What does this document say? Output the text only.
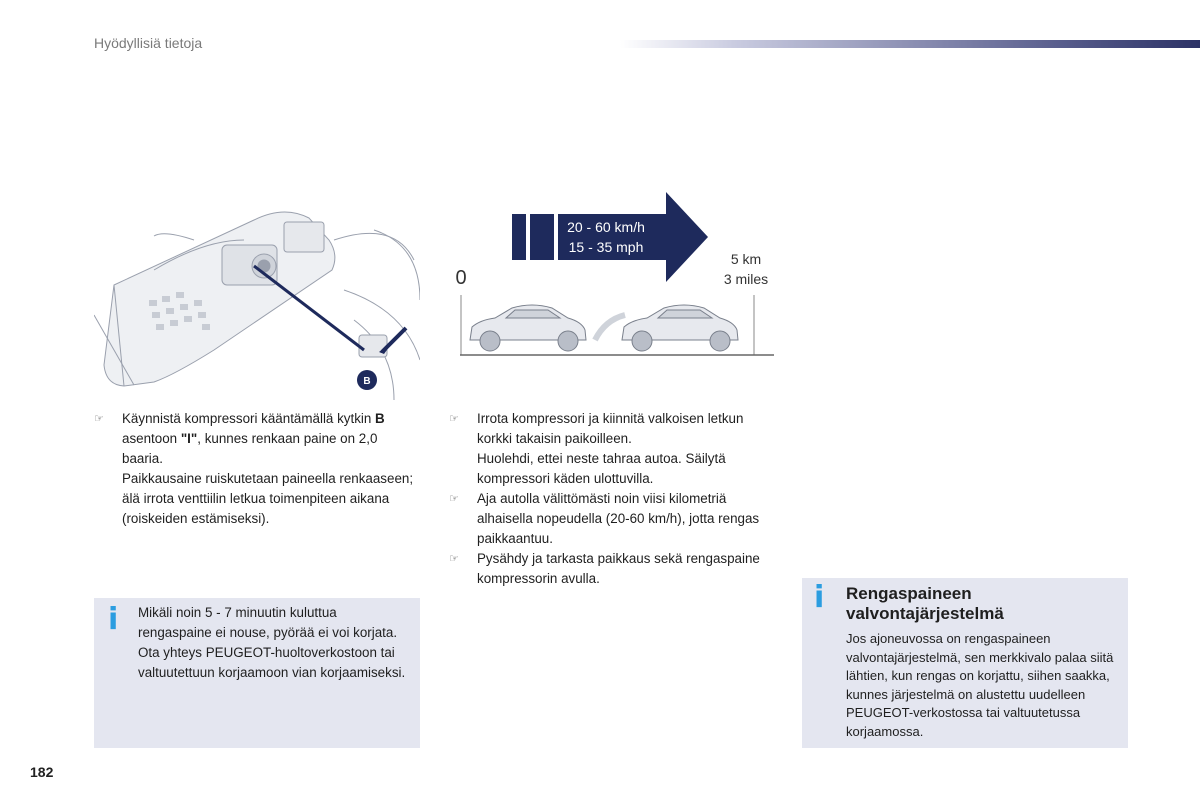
Hyödyllisiä tietoja
B
20 - 60 km/h
15 - 35 mph
0
5 km
3 miles
☞ Käynnistä kompressori kääntämällä kytkin B asentoon "I", kunnes renkaan paine on 2,0 baaria.
Paikkausaine ruiskutetaan paineella renkaaseen; älä irrota venttiilin letkua toimenpiteen aikana (roiskeiden estämiseksi).
☞ Irrota kompressori ja kiinnitä valkoisen letkun korkki takaisin paikoilleen.
Huolehdi, ettei neste tahraa autoa. Säilytä kompressori käden ulottuvilla.
☞ Aja autolla välittömästi noin viisi kilometriä alhaisella nopeudella (20-60 km/h), jotta rengas paikkaantuu.
☞ Pysähdy ja tarkasta paikkaus sekä rengaspaine kompressorin avulla.
i Mikäli noin 5 - 7 minuutin kuluttua rengaspaine ei nouse, pyörää ei voi korjata. Ota yhteys PEUGEOT-huoltoverkostoon tai valtuutettuun korjaamoon vian korjaamiseksi.
i Rengaspaineen
valvontajärjestelmä
Jos ajoneuvossa on rengaspaineen valvontajärjestelmä, sen merkkivalo palaa siitä lähtien, kun rengas on korjattu, siihen saakka, kunnes järjestelmä on alustettu uudelleen PEUGEOT-verkostossa tai valtuutetussa korjaamossa.
182
